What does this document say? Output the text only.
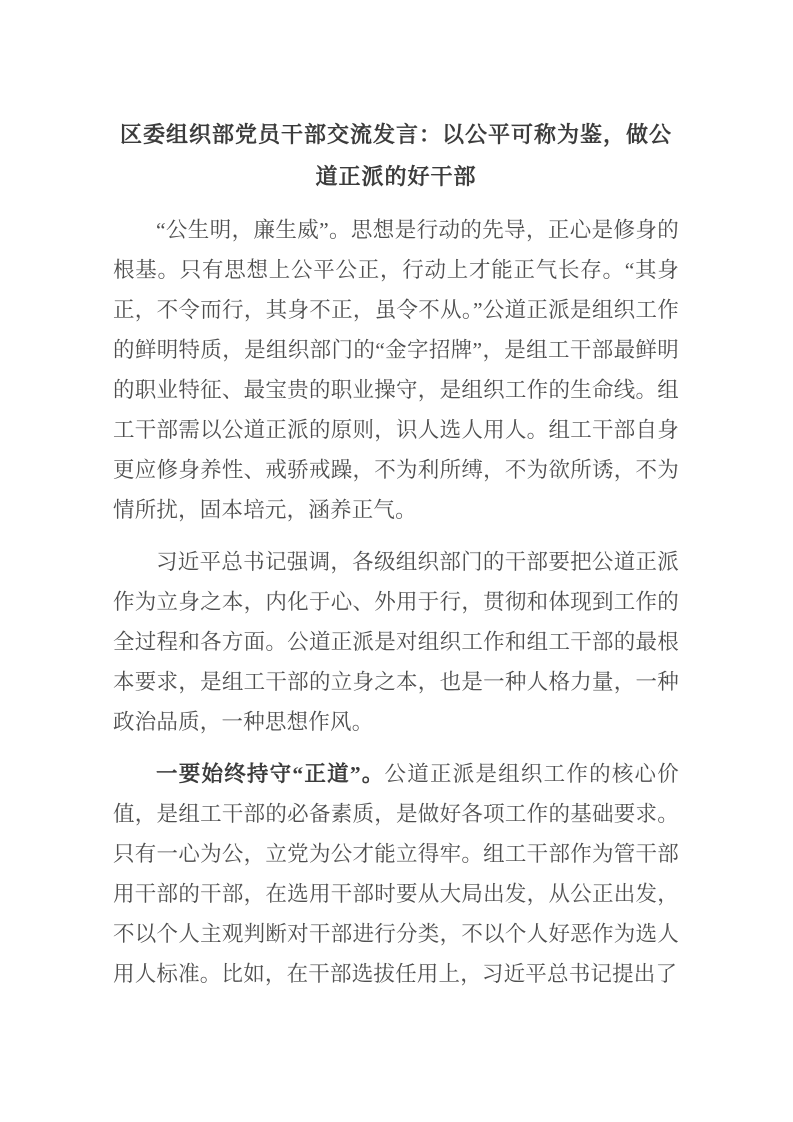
区委组织部党员干部交流发言：以公平可称为鉴，做公道正派的好干部

“公生明，廉生威”。思想是行动的先导，正心是修身的根基。只有思想上公平公正，行动上才能正气长存。“其身正，不令而行，其身不正，虽令不从。”公道正派是组织工作的鲜明特质，是组织部门的“金字招牌”，是组工干部最鲜明的职业特征、最宝贵的职业操守，是组织工作的生命线。组工干部需以公道正派的原则，识人选人用人。组工干部自身更应修身养性、戒骄戒躁，不为利所缚，不为欲所诱，不为情所扰，固本培元，涵养正气。

习近平总书记强调，各级组织部门的干部要把公道正派作为立身之本，内化于心、外用于行，贯彻和体现到工作的全过程和各方面。公道正派是对组织工作和组工干部的最根本要求，是组工干部的立身之本，也是一种人格力量，一种政治品质，一种思想作风。

一要始终持守“正道”。公道正派是组织工作的核心价值，是组工干部的必备素质，是做好各项工作的基础要求。只有一心为公，立党为公才能立得牢。组工干部作为管干部用干部的干部，在选用干部时要从大局出发，从公正出发，不以个人主观判断对干部进行分类，不以个人好恶作为选人用人标准。比如，在干部选拔任用上，习近平总书记提出了
